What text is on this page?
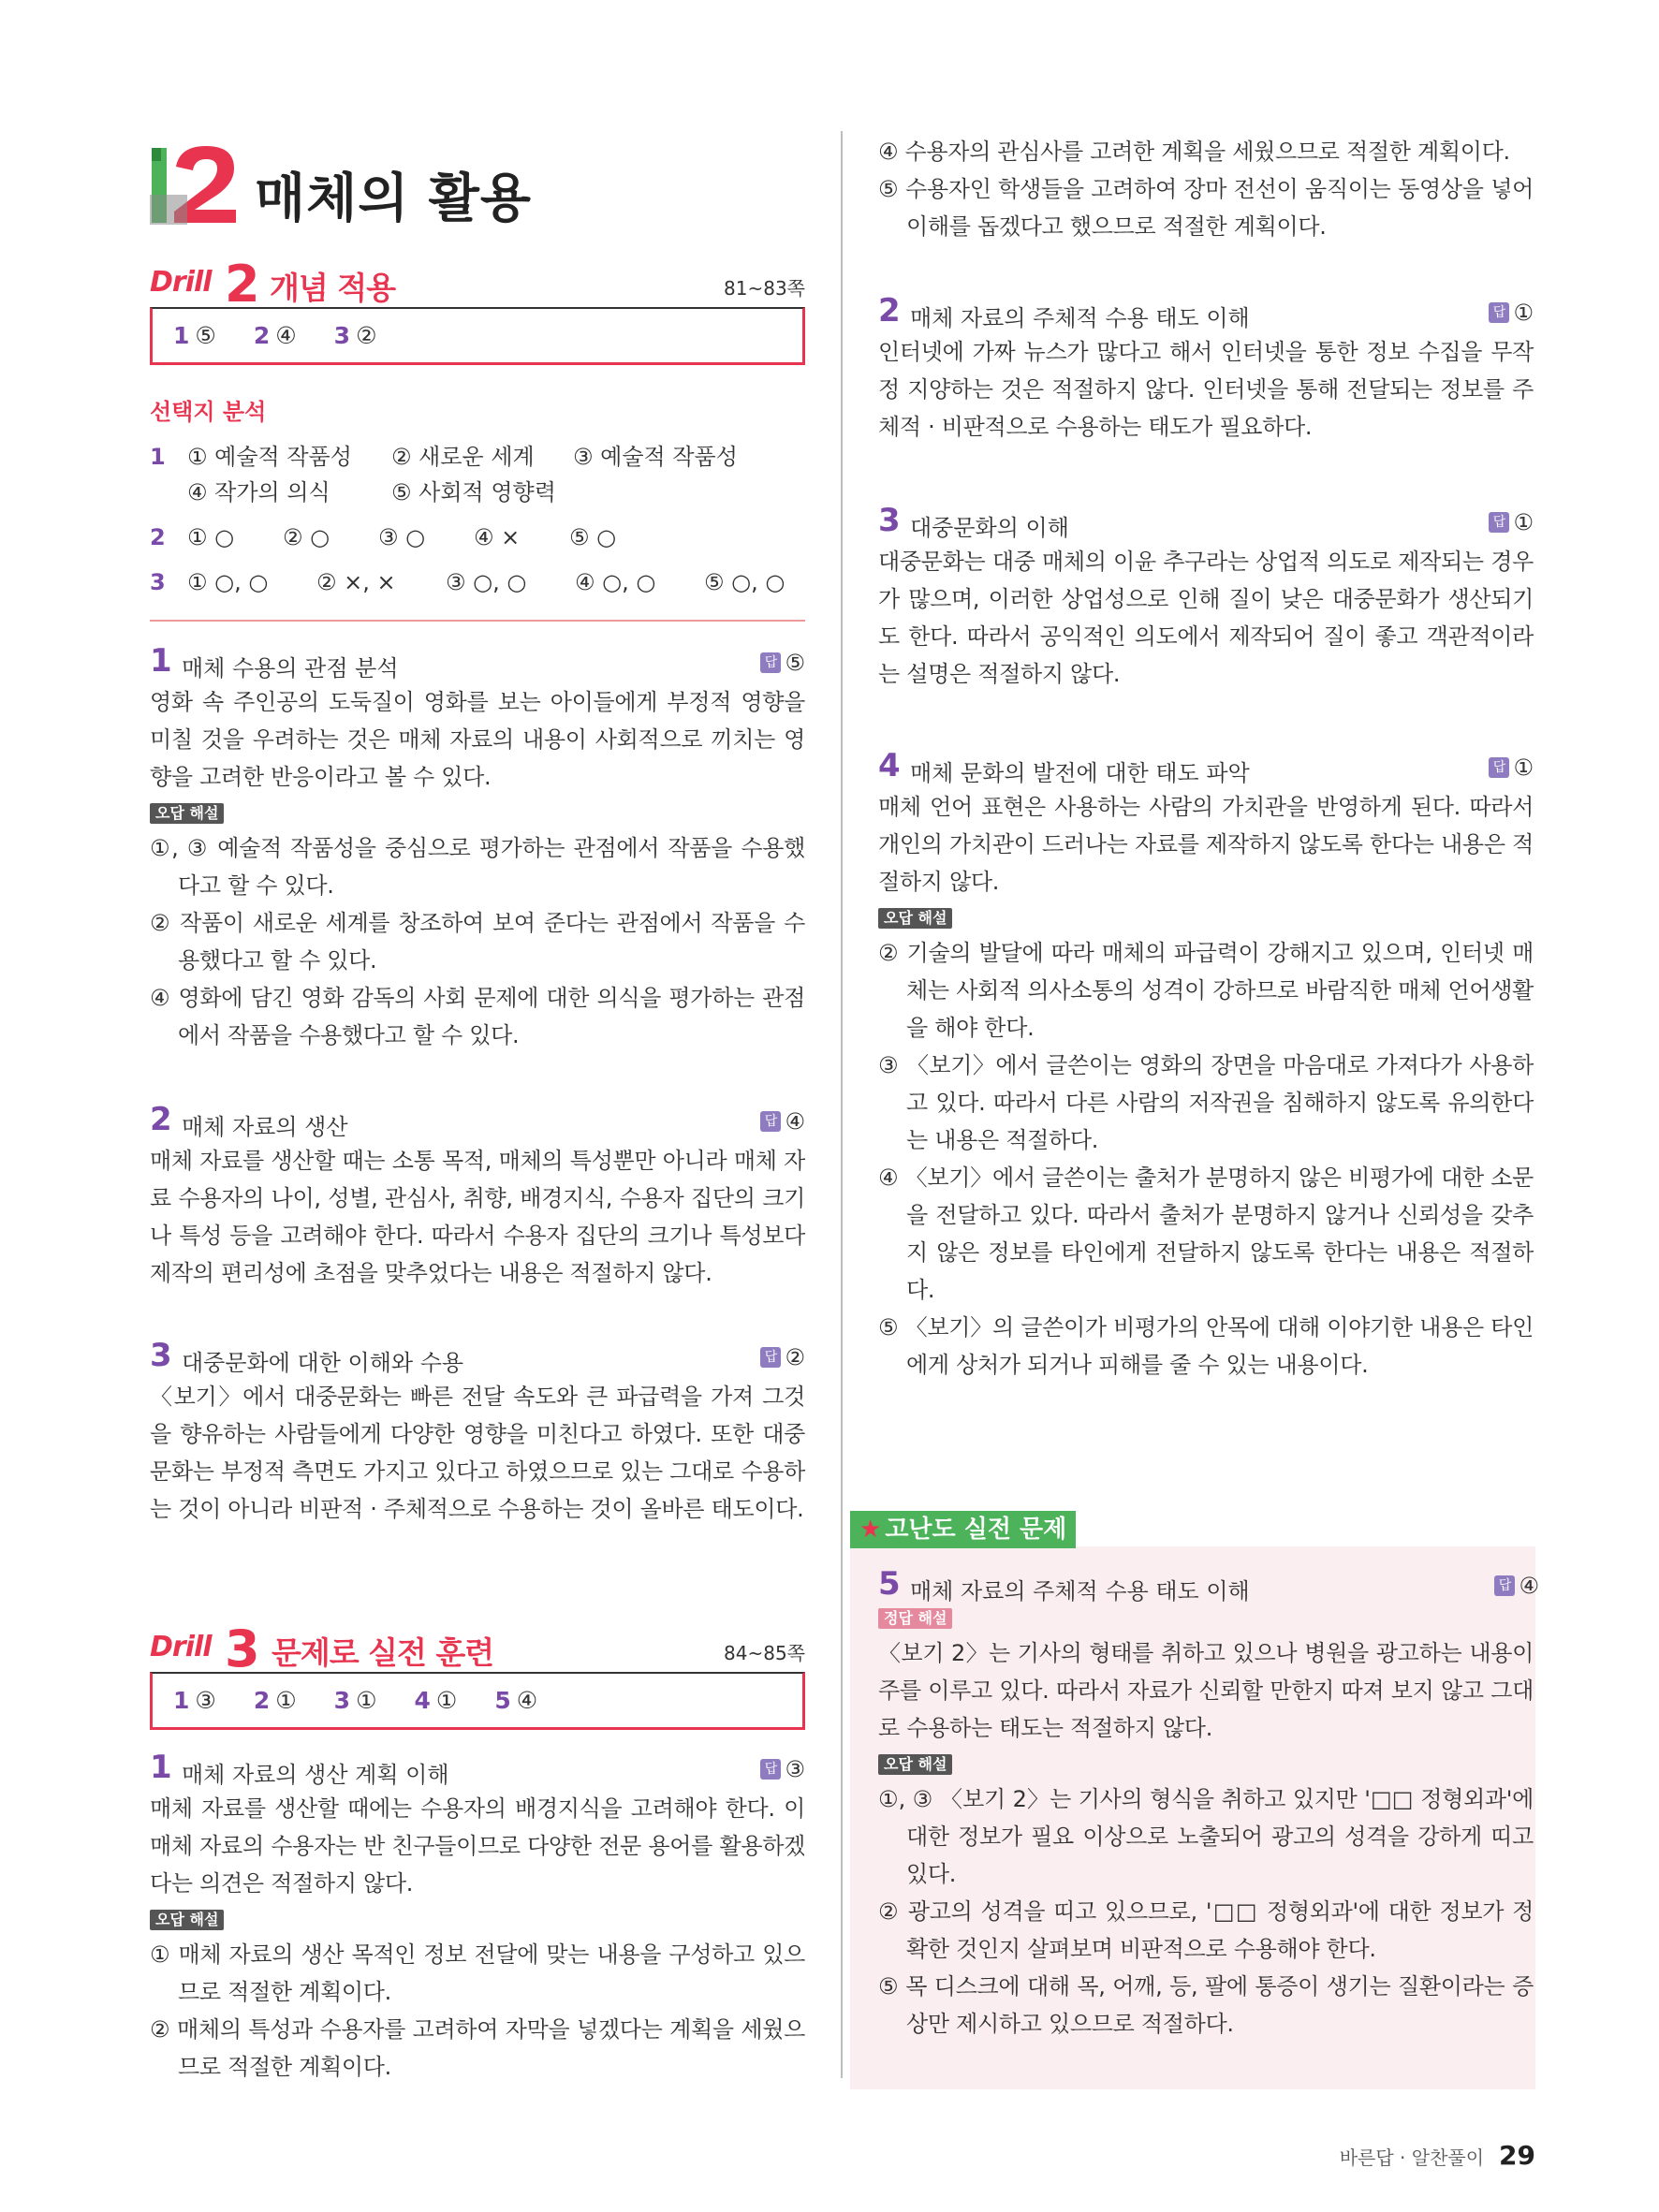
매체의 활용
Drill 2 개념 적용	81~83쪽
1 ⑤ 2 ④ 3 ②
선택지 분석
1 ① 예술적 작품성 ② 새로운 세계 ③ 예술적 작품성
④ 작가의 의식	⑤ 사회적 영향력
2 ① ○ ② ○ ③ ○ ④ × ⑤ ○
3 ① ○, ○ ② ×, × ③ ○, ○ ④ ○, ○ ⑤ ○, ○
1 매체 수용의 관점 분석	답 ⑤
영화 속 주인공의 도둑질이 영화를 보는 아이들에게 부정적 영향을 미칠 것을 우려하는 것은 매체 자료의 내용이 사회적으로 끼치는 영향을 고려한 반응이라고 볼 수 있다.
오답 해설
①, ③ 예술적 작품성을 중심으로 평가하는 관점에서 작품을 수용했다고 할 수 있다.
② 작품이 새로운 세계를 창조하여 보여 준다는 관점에서 작품을 수용했다고 할 수 있다.
④ 영화에 담긴 영화 감독의 사회 문제에 대한 의식을 평가하는 관점에서 작품을 수용했다고 할 수 있다.
2 매체 자료의 생산	답 ④
매체 자료를 생산할 때는 소통 목적, 매체의 특성뿐만 아니라 매체 자료 수용자의 나이, 성별, 관심사, 취향, 배경지식, 수용자 집단의 크기나 특성 등을 고려해야 한다. 따라서 수용자 집단의 크기나 특성보다 제작의 편리성에 초점을 맞추었다는 내용은 적절하지 않다.
3 대중문화에 대한 이해와 수용	답 ②
〈보기〉에서 대중문화는 빠른 전달 속도와 큰 파급력을 가져 그것을 향유하는 사람들에게 다양한 영향을 미친다고 하였다. 또한 대중문화는 부정적 측면도 가지고 있다고 하였으므로 있는 그대로 수용하는 것이 아니라 비판적 · 주체적으로 수용하는 것이 올바른 태도이다.
Drill 3 문제로 실전 훈련	84~85쪽
1 ③ 2 ① 3 ① 4 ① 5 ④
1 매체 자료의 생산 계획 이해	답 ③
매체 자료를 생산할 때에는 수용자의 배경지식을 고려해야 한다. 이 매체 자료의 수용자는 반 친구들이므로 다양한 전문 용어를 활용하겠다는 의견은 적절하지 않다.
오답 해설
① 매체 자료의 생산 목적인 정보 전달에 맞는 내용을 구성하고 있으므로 적절한 계획이다.
② 매체의 특성과 수용자를 고려하여 자막을 넣겠다는 계획을 세웠으므로 적절한 계획이다.
④ 수용자의 관심사를 고려한 계획을 세웠으므로 적절한 계획이다.
⑤ 수용자인 학생들을 고려하여 장마 전선이 움직이는 동영상을 넣어 이해를 돕겠다고 했으므로 적절한 계획이다.
2 매체 자료의 주체적 수용 태도 이해	답 ①
인터넷에 가짜 뉴스가 많다고 해서 인터넷을 통한 정보 수집을 무작정 지양하는 것은 적절하지 않다. 인터넷을 통해 전달되는 정보를 주체적 · 비판적으로 수용하는 태도가 필요하다.
3 대중문화의 이해	답 ①
대중문화는 대중 매체의 이윤 추구라는 상업적 의도로 제작되는 경우가 많으며, 이러한 상업성으로 인해 질이 낮은 대중문화가 생산되기도 한다. 따라서 공익적인 의도에서 제작되어 질이 좋고 객관적이라는 설명은 적절하지 않다.
4 매체 문화의 발전에 대한 태도 파악	답 ①
매체 언어 표현은 사용하는 사람의 가치관을 반영하게 된다. 따라서 개인의 가치관이 드러나는 자료를 제작하지 않도록 한다는 내용은 적절하지 않다.
오답 해설
② 기술의 발달에 따라 매체의 파급력이 강해지고 있으며, 인터넷 매체는 사회적 의사소통의 성격이 강하므로 바람직한 매체 언어생활을 해야 한다.
③ 〈보기〉에서 글쓴이는 영화의 장면을 마음대로 가져다가 사용하고 있다. 따라서 다른 사람의 저작권을 침해하지 않도록 유의한다는 내용은 적절하다.
④ 〈보기〉에서 글쓴이는 출처가 분명하지 않은 비평가에 대한 소문을 전달하고 있다. 따라서 출처가 분명하지 않거나 신뢰성을 갖추지 않은 정보를 타인에게 전달하지 않도록 한다는 내용은 적절하다.
⑤ 〈보기〉의 글쓴이가 비평가의 안목에 대해 이야기한 내용은 타인에게 상처가 되거나 피해를 줄 수 있는 내용이다.
★ 고난도 실전 문제
5 매체 자료의 주체적 수용 태도 이해	답 ④
정답 해설
〈보기 2〉는 기사의 형태를 취하고 있으나 병원을 광고하는 내용이 주를 이루고 있다. 따라서 자료가 신뢰할 만한지 따져 보지 않고 그대로 수용하는 태도는 적절하지 않다.
오답 해설
①, ③ 〈보기 2〉는 기사의 형식을 취하고 있지만 '□□ 정형외과'에 대한 정보가 필요 이상으로 노출되어 광고의 성격을 강하게 띠고 있다.
② 광고의 성격을 띠고 있으므로, '□□ 정형외과'에 대한 정보가 정확한 것인지 살펴보며 비판적으로 수용해야 한다.
⑤ 목 디스크에 대해 목, 어깨, 등, 팔에 통증이 생기는 질환이라는 증상만 제시하고 있으므로 적절하다.
바른답 · 알찬풀이 29
